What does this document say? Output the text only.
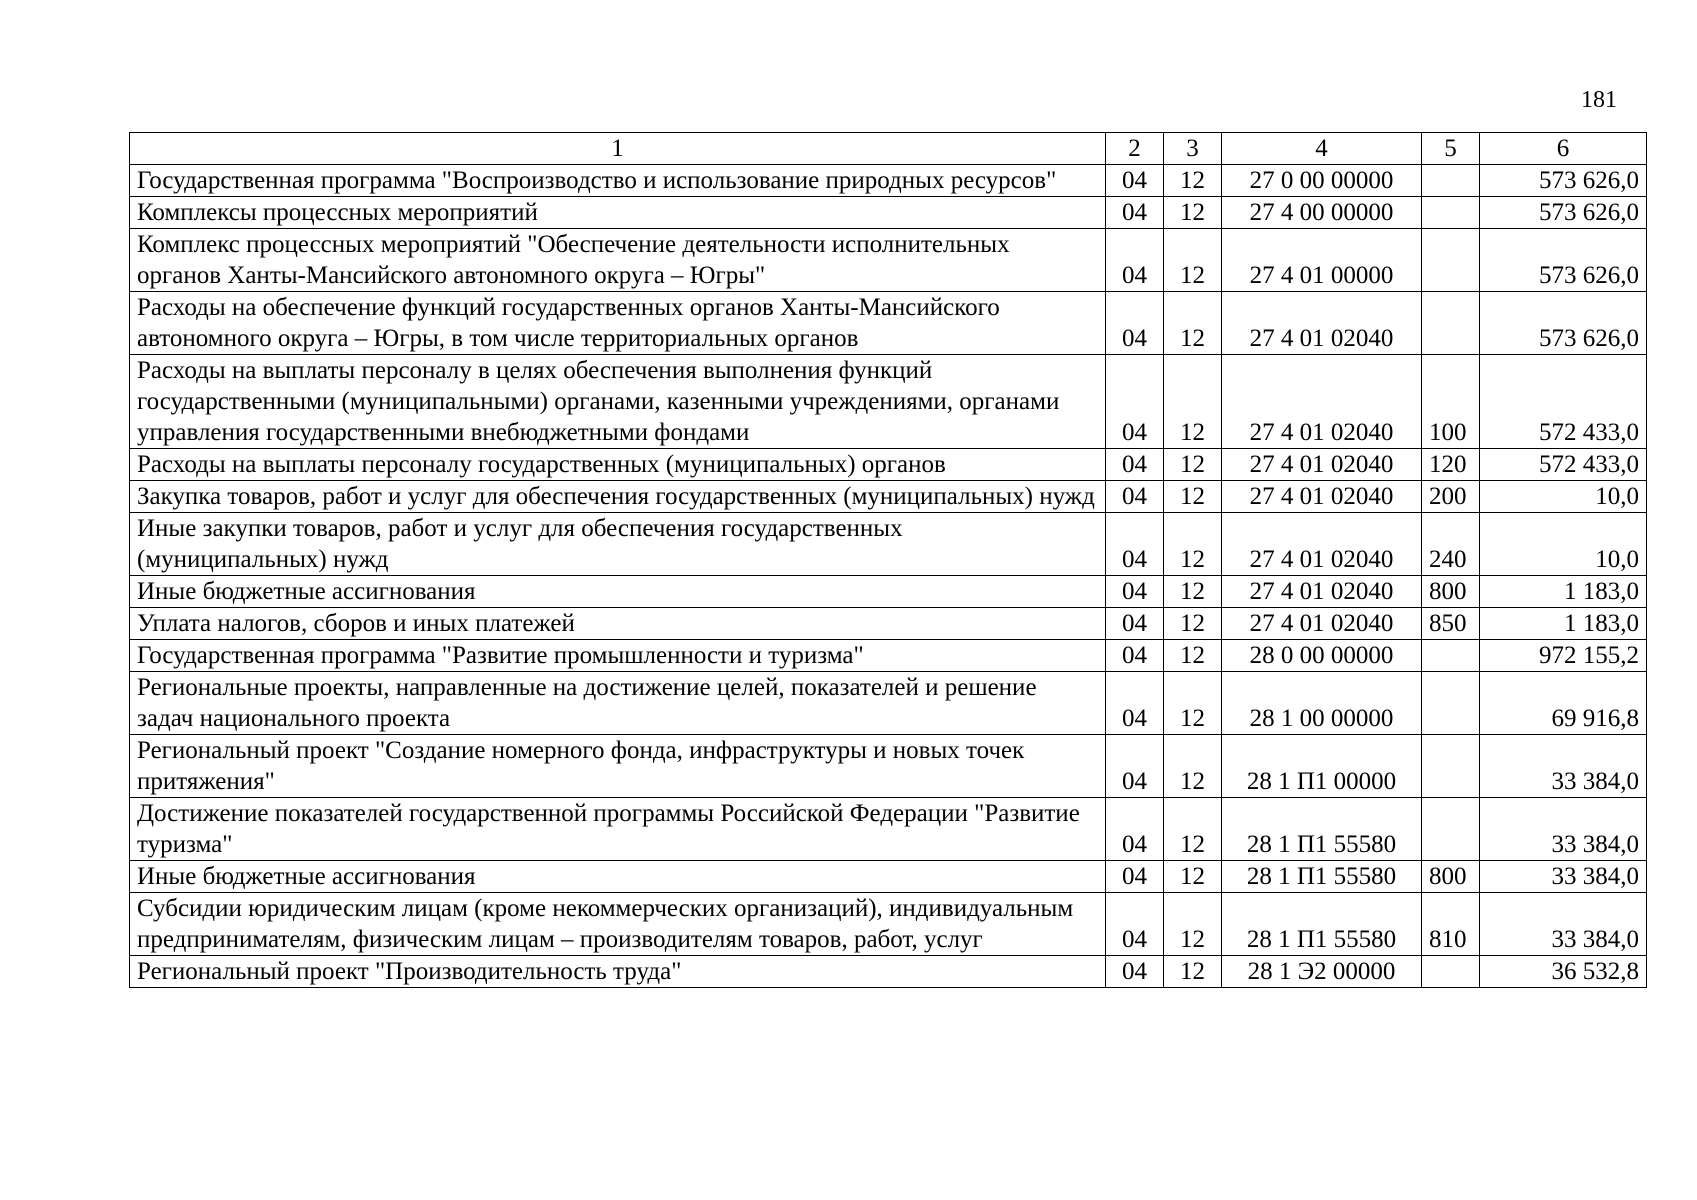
181
1	2	3	4	5	6
Государственная программа "Воспроизводство и использование природных ресурсов"	04	12	27 0 00 00000		573 626,0
Комплексы процессных мероприятий	04	12	27 4 00 00000		573 626,0
Комплекс процессных мероприятий "Обеспечение деятельности исполнительных органов Ханты-Мансийского автономного округа – Югры"	04	12	27 4 01 00000		573 626,0
Расходы на обеспечение функций государственных органов Ханты-Мансийского автономного округа – Югры, в том числе территориальных органов	04	12	27 4 01 02040		573 626,0
Расходы на выплаты персоналу в целях обеспечения выполнения функций государственными (муниципальными) органами, казенными учреждениями, органами управления государственными внебюджетными фондами	04	12	27 4 01 02040	100	572 433,0
Расходы на выплаты персоналу государственных (муниципальных) органов	04	12	27 4 01 02040	120	572 433,0
Закупка товаров, работ и услуг для обеспечения государственных (муниципальных) нужд	04	12	27 4 01 02040	200	10,0
Иные закупки товаров, работ и услуг для обеспечения государственных (муниципальных) нужд	04	12	27 4 01 02040	240	10,0
Иные бюджетные ассигнования	04	12	27 4 01 02040	800	1 183,0
Уплата налогов, сборов и иных платежей	04	12	27 4 01 02040	850	1 183,0
Государственная программа "Развитие промышленности и туризма"	04	12	28 0 00 00000		972 155,2
Региональные проекты, направленные на достижение целей, показателей и решение задач национального проекта	04	12	28 1 00 00000		69 916,8
Региональный проект "Создание номерного фонда, инфраструктуры и новых точек притяжения"	04	12	28 1 П1 00000		33 384,0
Достижение показателей государственной программы Российской Федерации "Развитие туризма"	04	12	28 1 П1 55580		33 384,0
Иные бюджетные ассигнования	04	12	28 1 П1 55580	800	33 384,0
Субсидии юридическим лицам (кроме некоммерческих организаций), индивидуальным предпринимателям, физическим лицам – производителям товаров, работ, услуг	04	12	28 1 П1 55580	810	33 384,0
Региональный проект "Производительность труда"	04	12	28 1 Э2 00000		36 532,8
